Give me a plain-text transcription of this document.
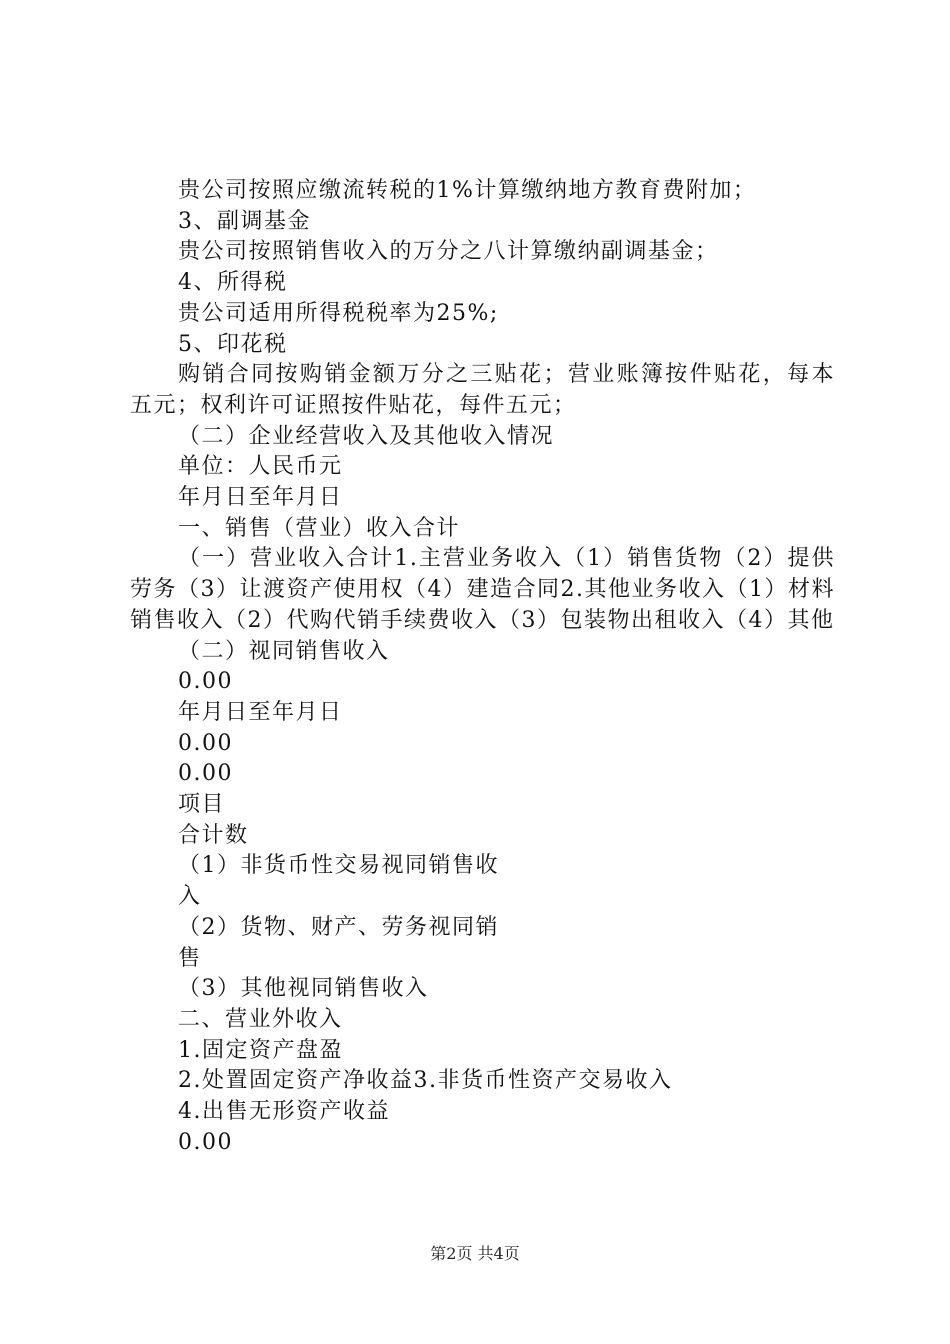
贵公司按照应缴流转税的1%计算缴纳地方教育费附加；
3、副调基金
贵公司按照销售收入的万分之八计算缴纳副调基金；
4、所得税
贵公司适用所得税税率为25%;
5、印花税
购销合同按购销金额万分之三贴花；营业账簿按件贴花，每本五元；权利许可证照按件贴花，每件五元；
（二）企业经营收入及其他收入情况
单位：人民币元
年月日至年月日
一、销售（营业）收入合计
（一）营业收入合计1.主营业务收入（1）销售货物（2）提供劳务（3）让渡资产使用权（4）建造合同2.其他业务收入（1）材料销售收入（2）代购代销手续费收入（3）包装物出租收入（4）其他
（二）视同销售收入
0.00
年月日至年月日
0.00
0.00
项目
合计数
（1）非货币性交易视同销售收
入
（2）货物、财产、劳务视同销
售
（3）其他视同销售收入
二、营业外收入
1.固定资产盘盈
2.处置固定资产净收益3.非货币性资产交易收入
4.出售无形资产收益
0.00
第2页 共4页
